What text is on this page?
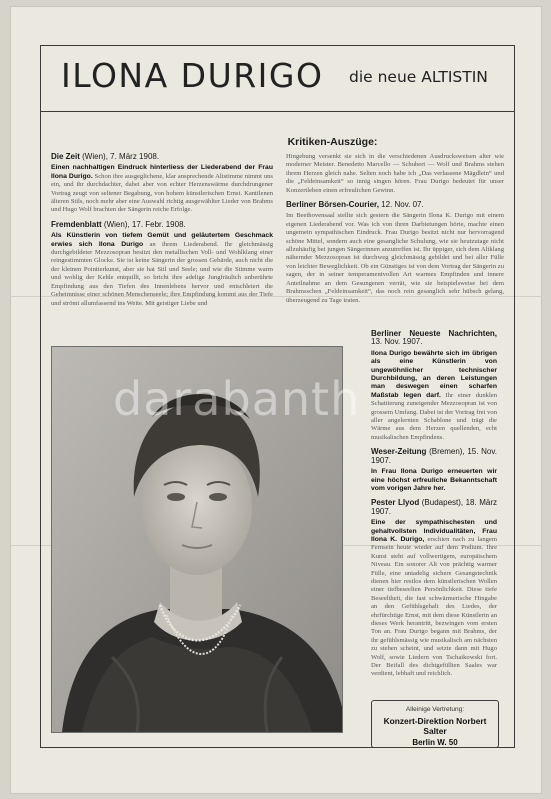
ILONA DURIGO die neue ALTISTIN
Kritiken-Auszüge:
Die Zeit (Wien), 7. März 1908.
Einen nachhaltigen Eindruck hinterliess der Liederabend der Frau Ilona Durigo. Schon ihre ausgeglichene, klar ansprechende Altstimme nimmt uns ein, und ihr durchdachter, dabei aber von echter Herzenswärme durchdrungener Vortrag zeugt von seltener Begabung, von hohem künstlerischen Ernst. Kantilenen älteren Stils, noch mehr aber eine Auswahl richtig ausgewählter Lieder von Brahms und Hugo Wolf brachten der Sängerin reiche Erfolge.
Fremdenblatt (Wien), 17. Febr. 1908.
Als Künstlerin von tiefem Gemüt und geläutertem Geschmack erwies sich Ilona Durigo an ihrem Liederabend. Ihr gleichmässig durchgebildeter Mezzosopran besitzt den metallischen Voll- und Wohlklang einer reingestimmten Glocke. Sie ist keine Sängerin der grossen Gebärde, auch nicht die der kleinen Pointierkunst, aber sie hat Stil und Seele; und wie die Stimme warm und wohlig der Kehle entquillt, so bricht ihre adelige Jungfräulich unberührte Empfindung aus den Tiefen des Innenlebens hervor und entschleiert die Geheimnisse einer schönen Menschenseele; ihre Empfindung kommt aus der Tiefe und strömt allumfassend ins Weite. Mit geistiger Liebe und
Hingebung versenkt sie sich in die verschiedenen Ausdrucksweisen alter wie moderner Meister. Benedetto Marcello — Schubert — Wolf und Brahms stehen ihrem Herzen gleich nahe. Selten noch habe ich „Das verlassene Mägdlein“ und die „Feldeinsamkeit“ so innig singen hören. Frau Durigo bedeutet für unser Konzertleben einen erfreulichen Gewinn.
Berliner Börsen-Courier, 12. Nov. 07.
Im Beethovensaal stellte sich gestern die Sängerin Ilona K. Durigo mit einem eigenen Liederabend vor. Was ich von ihren Darbietungen hörte, machte einen ungemein sympathischen Eindruck. Frau Durigo besitzt nicht nur hervorragend schöne Mittel, sondern auch eine gesangliche Schulung, wie sie heutzutage nicht allzuhäufig bei jungen Sängerinnen anzutreffen ist. Ihr üppiger, sich dem Altklang nähernder Mezzosopran ist durchweg gleichmässig gebildet und bei aller Fülle von leichter Beweglichkeit. Ob ein Günstiges ist von dem Vortrag der Sängerin zu sagen, der in seiner temperamentvollen Art warmes Empfinden und innere Anteilnahme an dem Gesungenen verrät, wie sie beispielsweise bei dem Brahmsschen „Feldeinsamkeit“, das noch rein gesanglich sehr hübsch gelang, überzeugend zu Tage traten.
Berliner Neueste Nachrichten, 13. Nov. 1907.
Ilona Durigo bewährte sich im übrigen als eine Künstlerin von ungewöhnlicher technischer Durchbildung, an deren Leistungen man deswegen einen scharfen Maßstab legen darf. Ihr einer dunklen Schattierung zuneigender Mezzosopran ist von grossem Umfang. Dabei ist der Vortrag frei von aller angelernten Schablone und trägt die Wärme aus dem Herzen quellenden, echt musikalischen Empfindens.
Weser-Zeitung (Bremen), 15. Nov. 1907.
In Frau Ilona Durigo erneuerten wir eine höchst erfreuliche Bekanntschaft vom vorigen Jahre her.
Pester Llyod (Budapest), 18. März 1907.
Eine der sympathischesten und gehaltvollsten Individualitäten, Frau Ilona K. Durigo, erschien nach zu langem Fernsein heute wieder auf dem Podium. Ihre Kunst steht auf vollwertigem, europäischem Niveau. Ein sonorer Alt von prächtig warmer Fülle, eine untadelig sichere Gesangstechnik dienen hier restlos dem künstlerischen Wollen einer tiefbeseelten Persönlichkeit. Diese tiefe Beseeltheit, die fast schwärmerische Hingabe an den Gefühlsgehalt des Liedes, der ehrfürchtige Ernst, mit dem diese Künstlerin an dieses Werk herantritt, bezwingen vom ersten Ton an. Frau Durigo begann mit Brahms, der ihr gefühlsmässig wie musikalisch am nächsten zu stehen scheint, und setzte dann mit Hugo Wolf, sowie Liedern von Tschaikowski fort. Der Beifall des dichtgefüllten Saales war verdient, lebhaft und reichlich.
Alleinige Vertretung:
Konzert-Direktion Norbert Salter
Berlin W. 50
darabanth
